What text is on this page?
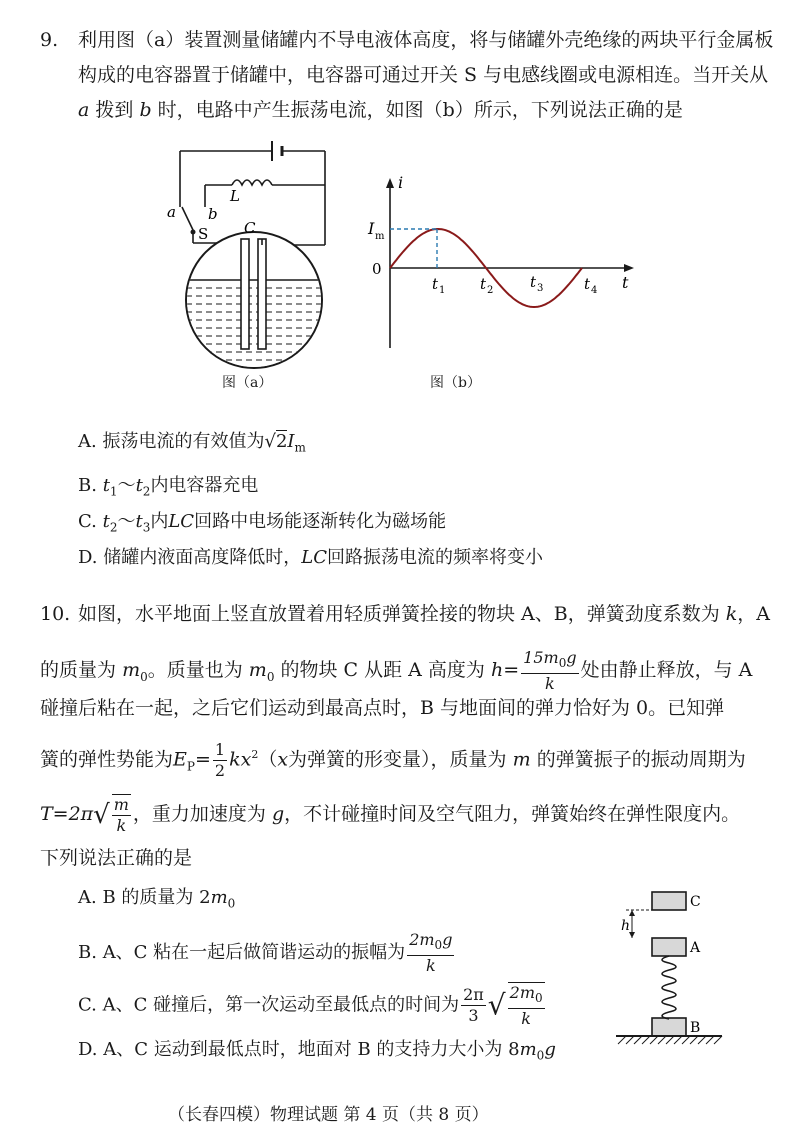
9. 利用图（a）装置测量储罐内不导电液体高度，将与储罐外壳绝缘的两块平行金属板
构成的电容器置于储罐中，电容器可通过开关 S 与电感线圈或电源相连。当开关从
a 拨到 b 时，电路中产生振荡电流，如图（b）所示，下列说法正确的是
a b
L
S C
图（a）
i
t
0
I m
t 1 t 2 t 3	t 4
图（b）
A. 振荡电流的有效值为$√2I_m$
B. $t_1\sim t_2$内电容器充电
C. $t_2\sim t_3$内LC回路中电场能逐渐转化为磁场能
D. 储罐内液面高度降低时，LC回路振荡电流的频率将变小
10. 如图，水平地面上竖直放置着用轻质弹簧拴接的物块 A、B，弹簧劲度系数为 k，A
的质量为 $m_0$。质量也为 $m_0$ 的物块 C 从距 A 高度为 $h= \frac{15m_0g}{k}$ 处由静止释放，与 A
碰撞后粘在一起，之后它们运动到最高点时，B 与地面间的弹力恰好为 0。已知弹
簧的弹性势能为$E_P= \frac{1}{2} kx^2(x$为弹簧的形变量），质量为 m 的弹簧振子的振动周期为
$T=2\pi√ \frac{m}{k}$ ，重力加速度为 g，不计碰撞时间及空气阻力，弹簧始终在弹性限度内。
下列说法正确的是
A. B 的质量为 $2m_0$
B. A、C 粘在一起后做简谐运动的振幅为 $\frac{2m_0g}{k}$
C. A、C 碰撞后，第一次运动至最低点的时间为 $\frac{2\pi}{3}$ √ $\frac{2m_0}{k}$
D. A、C 运动到最低点时，地面对 B 的支持力大小为 $8m_0g$
h
C
A
B
（长春四模）物理试题 第 4 页（共 8 页）
